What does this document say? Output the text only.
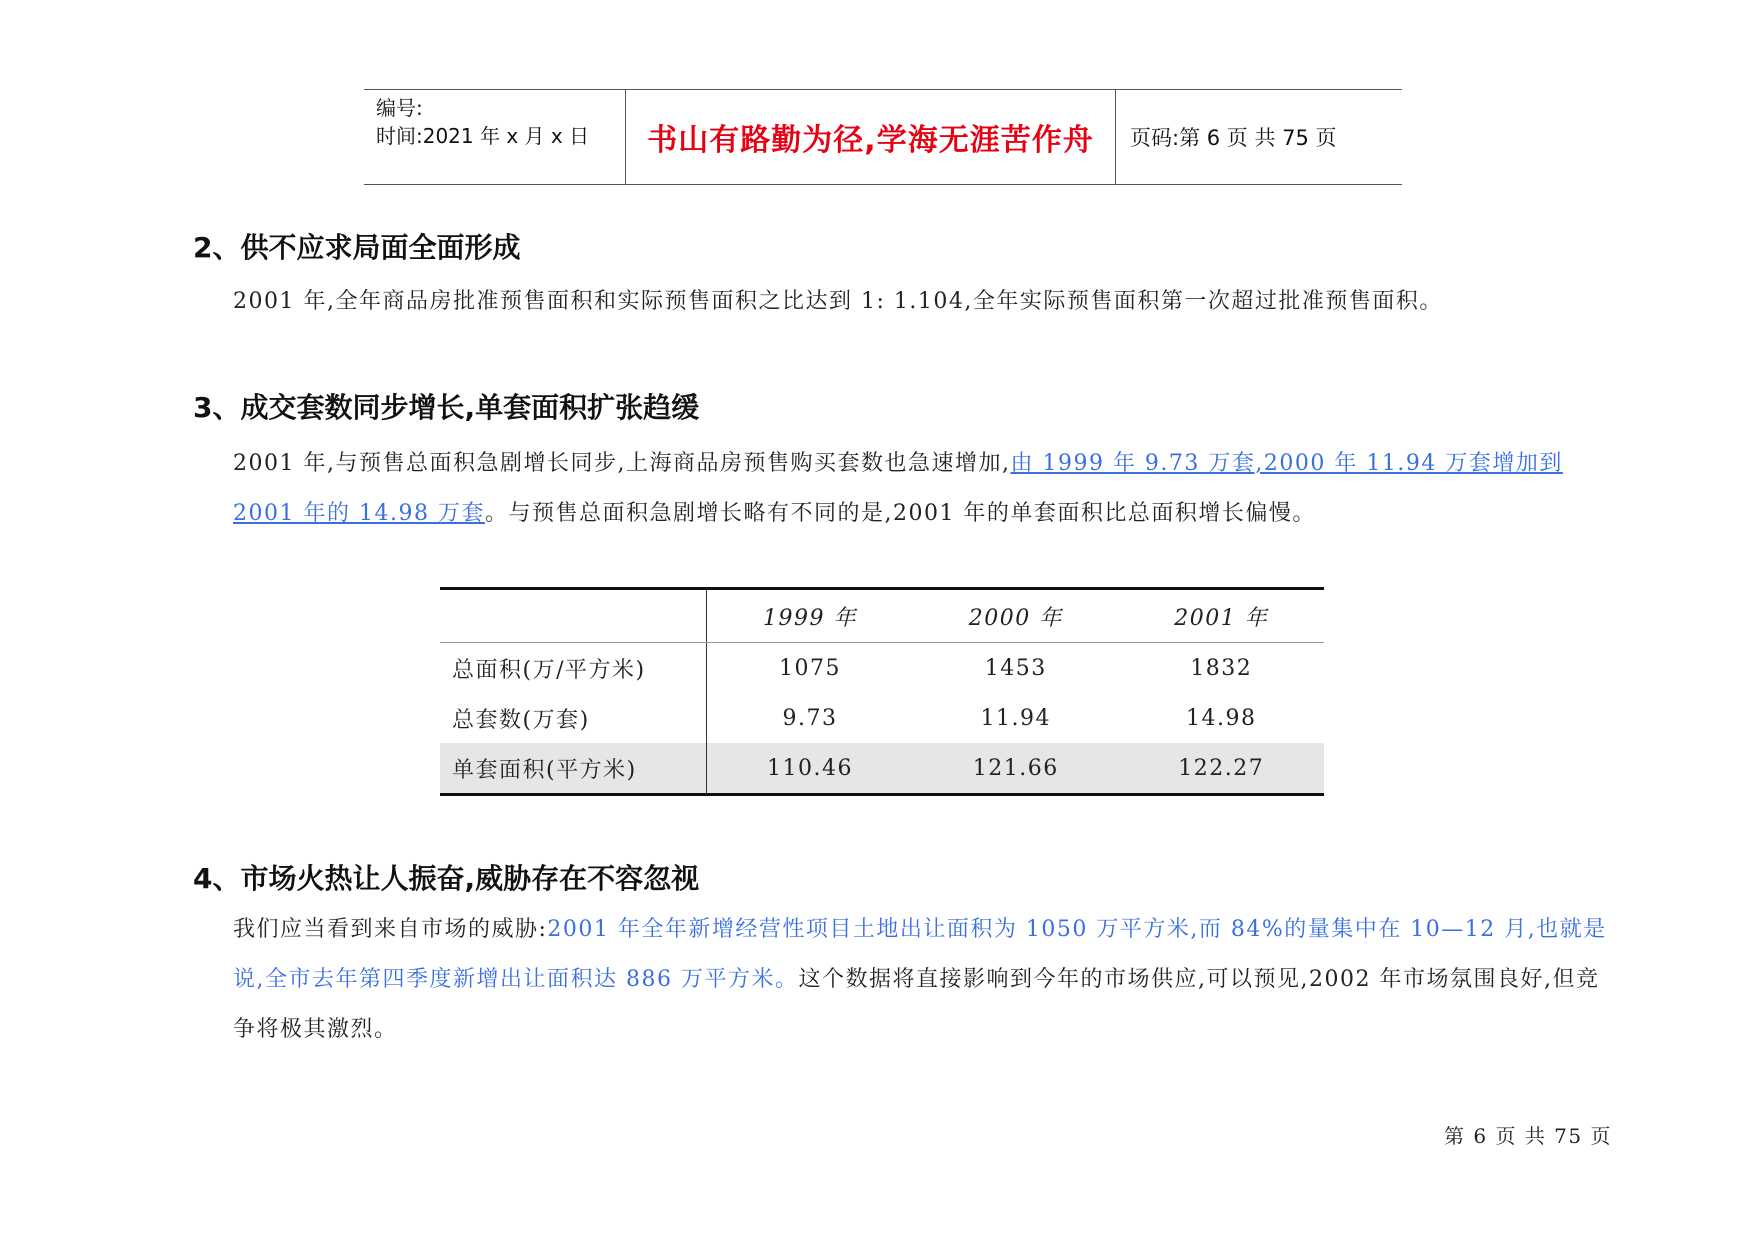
编号:
时间:2021 年 x 月 x 日	书山有路勤为径,学海无涯苦作舟	页码:第 6 页 共 75 页
2、供不应求局面全面形成

2001 年,全年商品房批准预售面积和实际预售面积之比达到 1: 1.104,全年实际预售面积第一次超过批准预售面积。

3、成交套数同步增长,单套面积扩张趋缓

2001 年,与预售总面积急剧增长同步,上海商品房预售购买套数也急速增加,由 1999 年 9.73 万套,2000 年 11.94 万套增加到 2001 年的 14.98 万套。与预售总面积急剧增长略有不同的是,2001 年的单套面积比总面积增长偏慢。

	1999 年	2000 年	2001 年
总面积(万/平方米)	1075	1453	1832
总套数(万套)	9.73	11.94	14.98
单套面积(平方米)	110.46	121.66	122.27
4、市场火热让人振奋,威胁存在不容忽视

我们应当看到来自市场的威胁:2001 年全年新增经营性项目土地出让面积为 1050 万平方米,而 84%的量集中在 10—12 月,也就是说,全市去年第四季度新增出让面积达 886 万平方米。这个数据将直接影响到今年的市场供应,可以预见,2002 年市场氛围良好,但竞争将极其激烈。

第 6 页 共 75 页
